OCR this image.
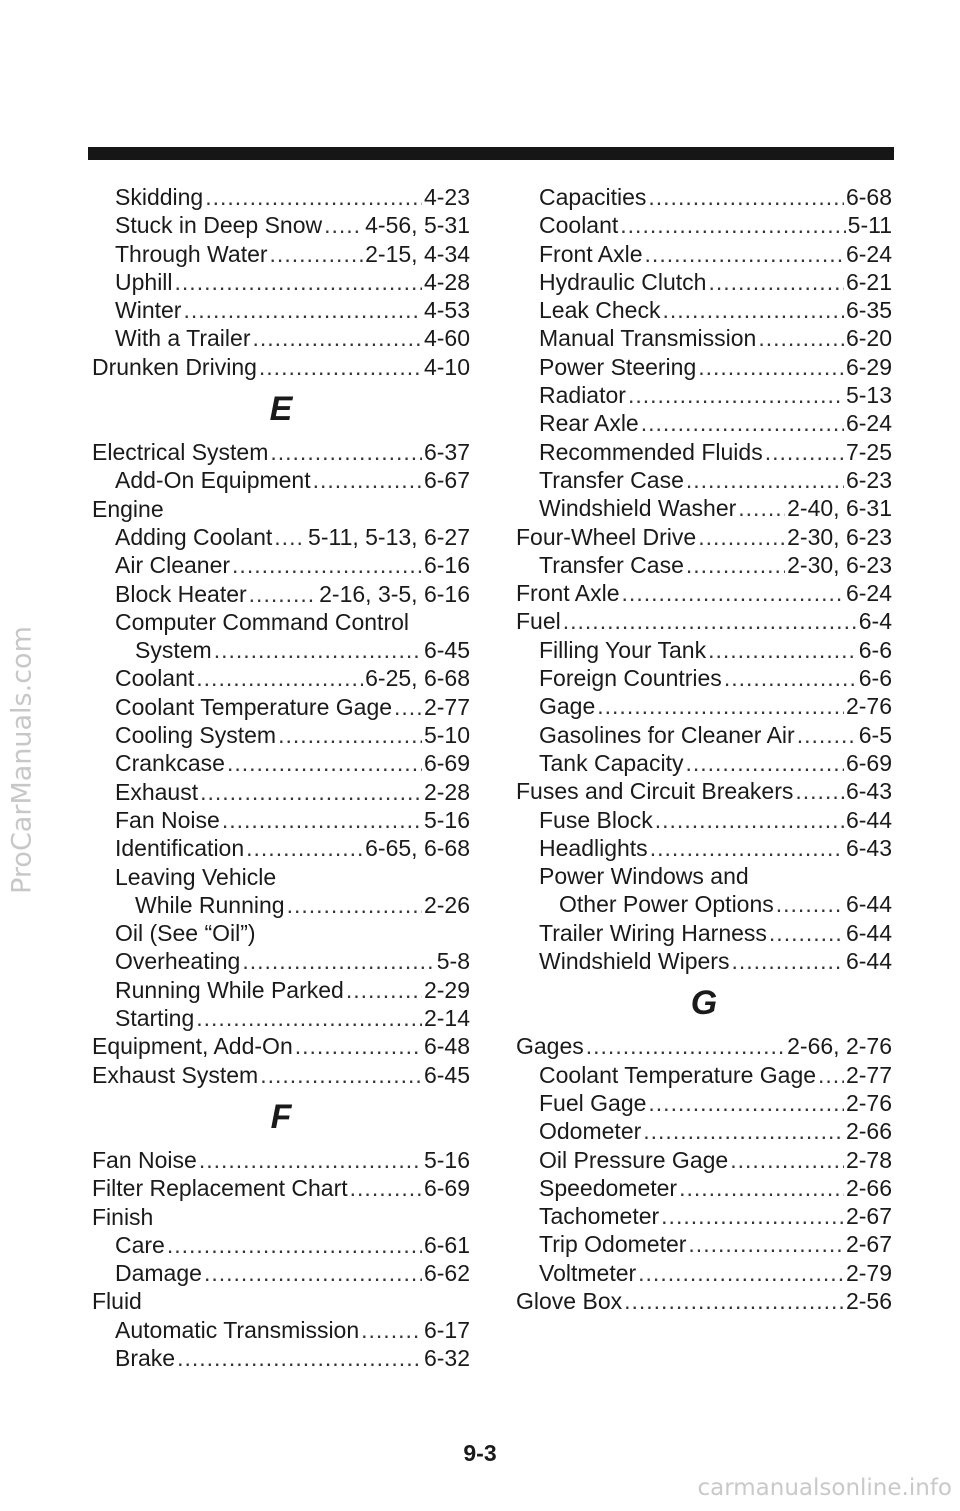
ProCarManuals.com
Skidding .....	4-23
Stuck in Deep Snow ..... 4-56, 5-31
Through Water .....	2-15, 4-34
Uphill .....	4-28
Winter .....	4-53
With a Trailer .....	4-60
Drunken Driving .....	4-10
E
Electrical System .....	6-37
Add-On Equipment .....	6-67
Engine
Adding Coolant ..... 5-11, 5-13, 6-27
Air Cleaner .....	6-16
Block Heater .....	2-16, 3-5, 6-16
Computer Command Control
System .....	6-45
Coolant .....	6-25, 6-68
Coolant Temperature Gage ..... 2-77
Cooling System .....	5-10
Crankcase .....	6-69
Exhaust .....	2-28
Fan Noise .....	5-16
Identification .....	6-65, 6-68
Leaving Vehicle
While Running .....	2-26
Oil (See “Oil”)
Overheating .....	5-8
Running While Parked .....	2-29
Starting .....	2-14
Equipment, Add-On .....	6-48
Exhaust System .....	6-45
F
Fan Noise .....	5-16
Filter Replacement Chart .....	6-69
Finish
Care .....	6-61
Damage .....	6-62
Fluid
Automatic Transmission .....	6-17
Brake .....	6-32
Capacities .....	6-68
Coolant .....	5-11
Front Axle .....	6-24
Hydraulic Clutch .....	6-21
Leak Check .....	6-35
Manual Transmission .....	6-20
Power Steering .....	6-29
Radiator .....	5-13
Rear Axle .....	6-24
Recommended Fluids .....	7-25
Transfer Case .....	6-23
Windshield Washer ..... 2-40, 6-31
Four-Wheel Drive .....	2-30, 6-23
Transfer Case .....	2-30, 6-23
Front Axle .....	6-24
Fuel .....	6-4
Filling Your Tank .....	6-6
Foreign Countries .....	6-6
Gage .....	2-76
Gasolines for Cleaner Air .....	6-5
Tank Capacity .....	6-69
Fuses and Circuit Breakers ..... 6-43
Fuse Block .....	6-44
Headlights .....	6-43
Power Windows and
Other Power Options .....	6-44
Trailer Wiring Harness .....	6-44
Windshield Wipers .....	6-44
G
Gages .....	2-66, 2-76
Coolant Temperature Gage ..... 2-77
Fuel Gage .....	2-76
Odometer .....	2-66
Oil Pressure Gage .....	2-78
Speedometer .....	2-66
Tachometer .....	2-67
Trip Odometer .....	2-67
Voltmeter .....	2-79
Glove Box .....	2-56
9-3
carmanualsonline.info
